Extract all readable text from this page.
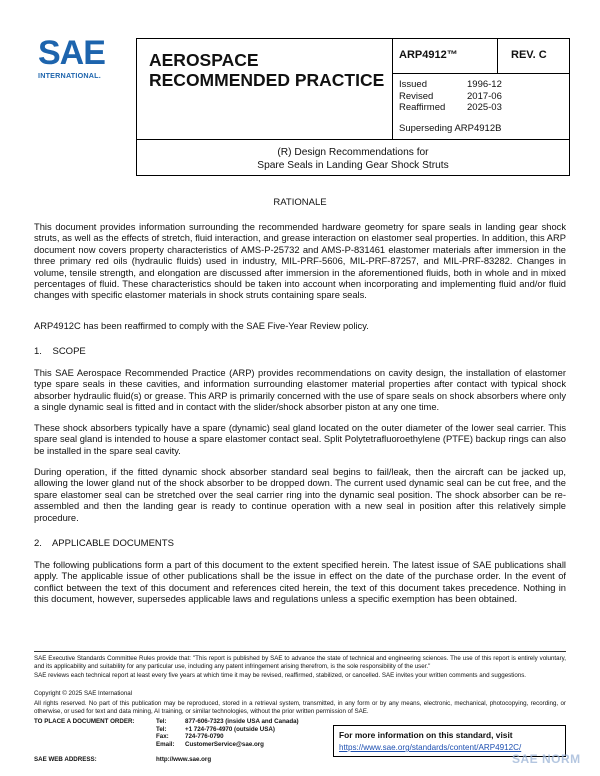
SAE
INTERNATIONAL.
AEROSPACE
RECOMMENDED PRACTICE
ARP4912™	REV. C
Issued	1996-12
Revised	2017-06
Reaffirmed 2025-03
Superseding ARP4912B
(R) Design Recommendations for
Spare Seals in Landing Gear Shock Struts
RATIONALE
This document provides information surrounding the recommended hardware geometry for spare seals in landing gear shock struts, as well as the effects of stretch, fluid interaction, and grease interaction on elastomer seal properties. In addition, this ARP document now covers property characteristics of AMS-P-25732 and AMS-P-831461 elastomer materials after immersion in the three primary red oils (hydraulic fluids) used in industry, MIL-PRF-5606, MIL-PRF-87257, and MIL-PRF-83282. Changes in volume, tensile strength, and elongation are discussed after immersion in the aforementioned fluids, both in whole and in mixed percentages of fluid. These characteristics should be taken into account when incorporating and implementing fluid and/or fluid changes with specific elastomer materials in shock struts containing spare seals.
ARP4912C has been reaffirmed to comply with the SAE Five-Year Review policy.
1.    SCOPE
This SAE Aerospace Recommended Practice (ARP) provides recommendations on cavity design, the installation of elastomer type spare seals in these cavities, and information surrounding elastomer material properties after contact with typical shock absorber hydraulic fluid(s) or grease. This ARP is primarily concerned with the use of spare seals on shock absorbers where only a single dynamic seal is fitted and in contact with the slider/shock absorber piston at any one time.
These shock absorbers typically have a spare (dynamic) seal gland located on the outer diameter of the lower seal carrier. This spare seal gland is intended to house a spare elastomer contact seal. Split Polytetrafluoroethylene (PTFE) backup rings can also be installed in the spare seal cavity.
During operation, if the fitted dynamic shock absorber standard seal begins to fail/leak, then the aircraft can be jacked up, allowing the lower gland nut of the shock absorber to be dropped down. The current used dynamic seal can be cut free, and the spare elastomer seal can be stretched over the seal carrier ring into the dynamic seal position. The shock absorber can be re-assembled and then the landing gear is ready to continue operation with a new seal in position after this relatively simple procedure.
2.    APPLICABLE DOCUMENTS
The following publications form a part of this document to the extent specified herein. The latest issue of SAE publications shall apply. The applicable issue of other publications shall be the issue in effect on the date of the purchase order. In the event of conflict between the text of this document and references cited herein, the text of this document takes precedence. Nothing in this document, however, supersedes applicable laws and regulations unless a specific exemption has been obtained.
SAE Executive Standards Committee Rules provide that: "This report is published by SAE to advance the state of technical and engineering sciences. The use of this report is entirely voluntary, and its applicability and suitability for any particular use, including any patent infringement arising therefrom, is the sole responsibility of the user."
SAE reviews each technical report at least every five years at which time it may be revised, reaffirmed, stabilized, or cancelled. SAE invites your written comments and suggestions.
Copyright © 2025 SAE International
All rights reserved. No part of this publication may be reproduced, stored in a retrieval system, transmitted, in any form or by any means, electronic, mechanical, photocopying, recording, or otherwise, or used for text and data mining, AI training, or similar technologies, without the prior written permission of SAE.
TO PLACE A DOCUMENT ORDER:	Tel:	877-606-7323 (inside USA and Canada)
Tel:	+1 724-776-4970 (outside USA)
Fax:	724-776-0790
Email: CustomerService@sae.org
SAE WEB ADDRESS:	http://www.sae.org
For more information on this standard, visit
https://www.sae.org/standards/content/ARP4912C/
SAE NORM
